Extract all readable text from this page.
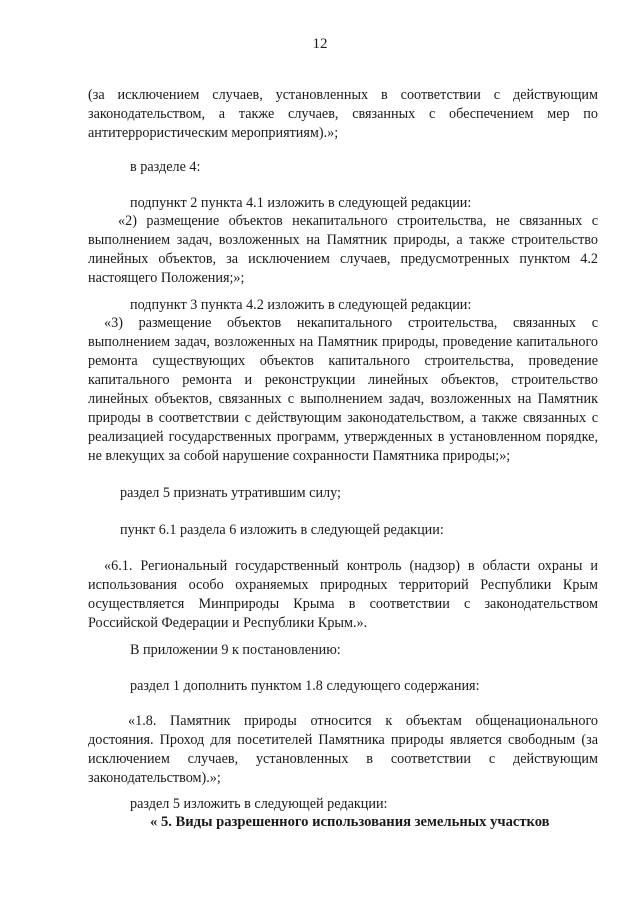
12

(за исключением случаев, установленных в соответствии с действующим законодательством, а также случаев, связанных с обеспечением мер по антитеррористическим мероприятиям).»;

в разделе 4:

подпункт 2 пункта 4.1 изложить в следующей редакции:

«2) размещение объектов некапитального строительства, не связанных с выполнением задач, возложенных на Памятник природы, а также строительство линейных объектов, за исключением случаев, предусмотренных пунктом 4.2 настоящего Положения;»;

подпункт 3 пункта 4.2 изложить в следующей редакции:

«3) размещение объектов некапитального строительства, связанных с выполнением задач, возложенных на Памятник природы, проведение капитального ремонта существующих объектов капитального строительства, проведение капитального ремонта и реконструкции линейных объектов, строительство линейных объектов, связанных с выполнением задач, возложенных на Памятник природы в соответствии с действующим законодательством, а также связанных с реализацией государственных программ, утвержденных в установленном порядке, не влекущих за собой нарушение сохранности Памятника природы;»;

раздел 5 признать утратившим силу;

пункт 6.1 раздела 6 изложить в следующей редакции:

«6.1. Региональный государственный контроль (надзор) в области охраны и использования особо охраняемых природных территорий Республики Крым осуществляется Минприроды Крыма в соответствии с законодательством Российской Федерации и Республики Крым.».

В приложении 9 к постановлению:

раздел 1 дополнить пунктом 1.8 следующего содержания:

«1.8. Памятник природы относится к объектам общенационального достояния. Проход для посетителей Памятника природы является свободным (за исключением случаев, установленных в соответствии с действующим законодательством).»;

раздел 5 изложить в следующей редакции:

« 5. Виды разрешенного использования земельных участков
